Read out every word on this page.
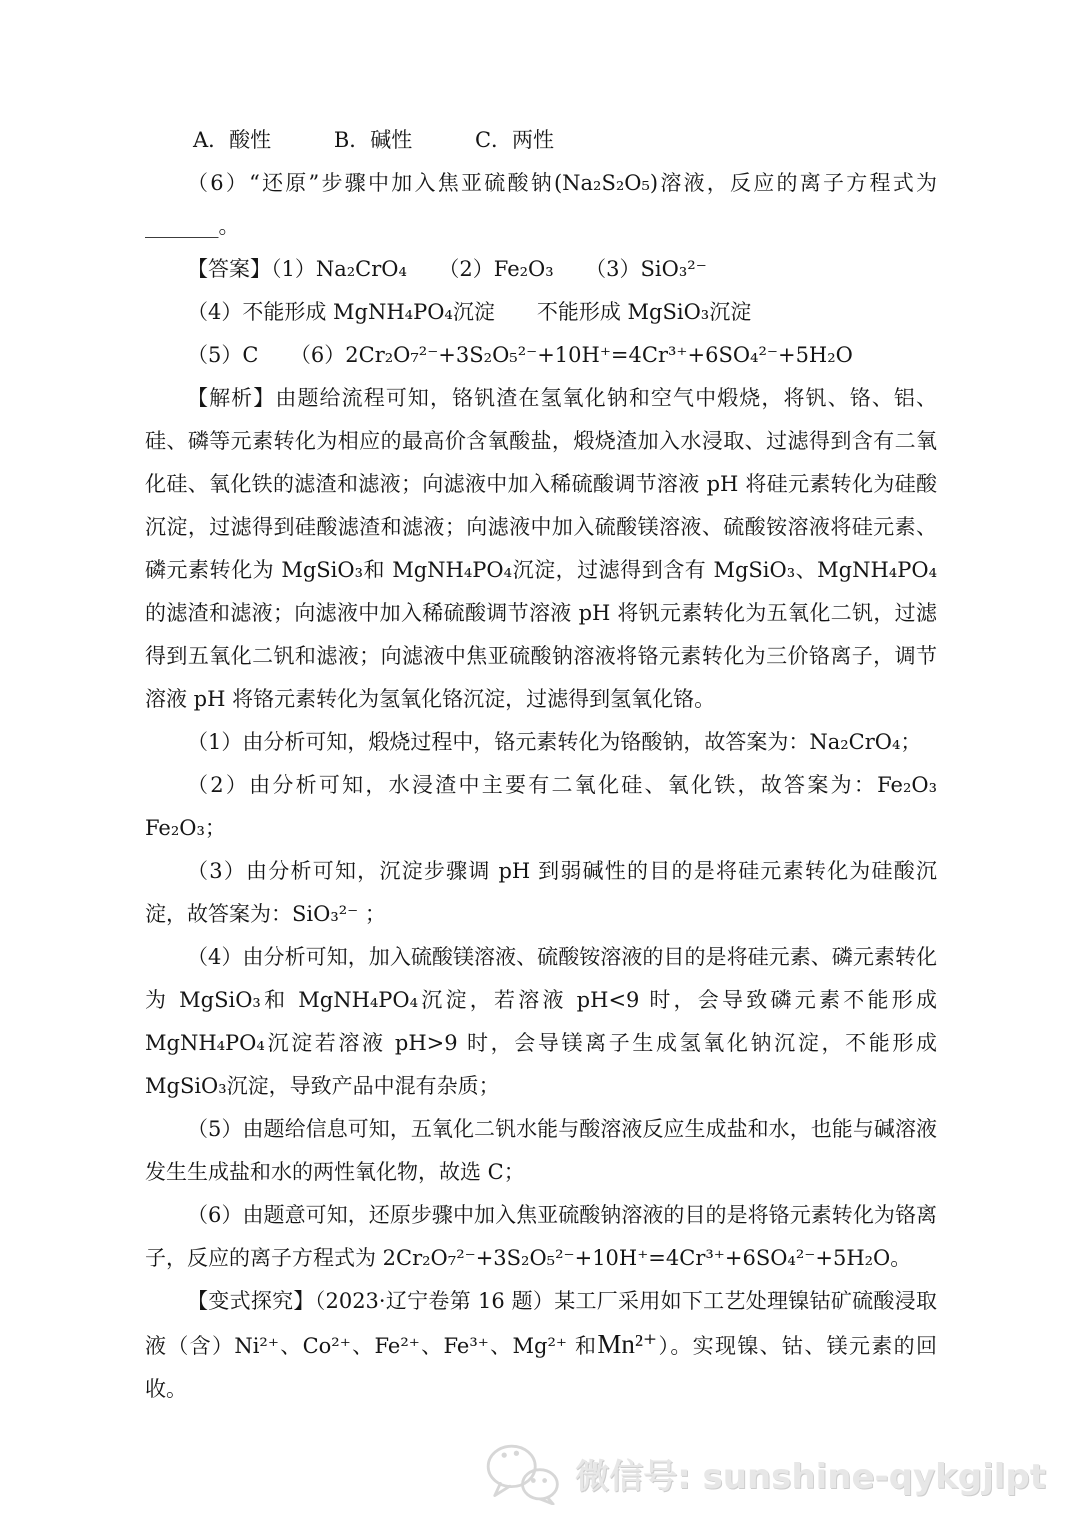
A．酸性	B．碱性	C．两性
（6）“还原”步骤中加入焦亚硫酸钠(Na₂S₂O₅)溶液，反应的离子方程式为_______。
【答案】（1）Na₂CrO₄　　（2）Fe₂O₃　　（3）SiO₃²⁻
（4）不能形成 MgNH₄PO₄沉淀　　不能形成 MgSiO₃沉淀
（5）C　　（6）2Cr₂O₇²⁻+3S₂O₅²⁻+10H⁺=4Cr³⁺+6SO₄²⁻+5H₂O
【解析】由题给流程可知，铬钒渣在氢氧化钠和空气中煅烧，将钒、铬、铝、硅、磷等元素转化为相应的最高价含氧酸盐，煅烧渣加入水浸取、过滤得到含有二氧化硅、氧化铁的滤渣和滤液；向滤液中加入稀硫酸调节溶液 pH 将硅元素转化为硅酸沉淀，过滤得到硅酸滤渣和滤液；向滤液中加入硫酸镁溶液、硫酸铵溶液将硅元素、磷元素转化为 MgSiO₃和 MgNH₄PO₄沉淀，过滤得到含有 MgSiO₃、MgNH₄PO₄的滤渣和滤液；向滤液中加入稀硫酸调节溶液 pH 将钒元素转化为五氧化二钒，过滤得到五氧化二钒和滤液；向滤液中焦亚硫酸钠溶液将铬元素转化为三价铬离子，调节溶液 pH 将铬元素转化为氢氧化铬沉淀，过滤得到氢氧化铬。
（1）由分析可知，煅烧过程中，铬元素转化为铬酸钠，故答案为：Na₂CrO₄；
（2）由分析可知，水浸渣中主要有二氧化硅、氧化铁，故答案为：Fe₂O₃ Fe₂O₃；
（3）由分析可知，沉淀步骤调 pH 到弱碱性的目的是将硅元素转化为硅酸沉淀，故答案为：SiO₃²⁻ ；
（4）由分析可知，加入硫酸镁溶液、硫酸铵溶液的目的是将硅元素、磷元素转化为 MgSiO₃和 MgNH₄PO₄沉淀，若溶液 pH<9 时，会导致磷元素不能形成 MgNH₄PO₄沉淀若溶液 pH>9 时，会导镁离子生成氢氧化钠沉淀，不能形成 MgSiO₃沉淀，导致产品中混有杂质；
（5）由题给信息可知，五氧化二钒水能与酸溶液反应生成盐和水，也能与碱溶液发生生成盐和水的两性氧化物，故选 C；
（6）由题意可知，还原步骤中加入焦亚硫酸钠溶液的目的是将铬元素转化为铬离子，反应的离子方程式为 2Cr₂O₇²⁻+3S₂O₅²⁻+10H⁺=4Cr³⁺+6SO₄²⁻+5H₂O。
【变式探究】（2023·辽宁卷第 16 题）某工厂采用如下工艺处理镍钴矿硫酸浸取液（含）Ni²⁺、Co²⁺、Fe²⁺、Fe³⁺、Mg²⁺ 和Mn²⁺）。实现镍、钴、镁元素的回收。
微信号: sunshine-qykgjlpt
